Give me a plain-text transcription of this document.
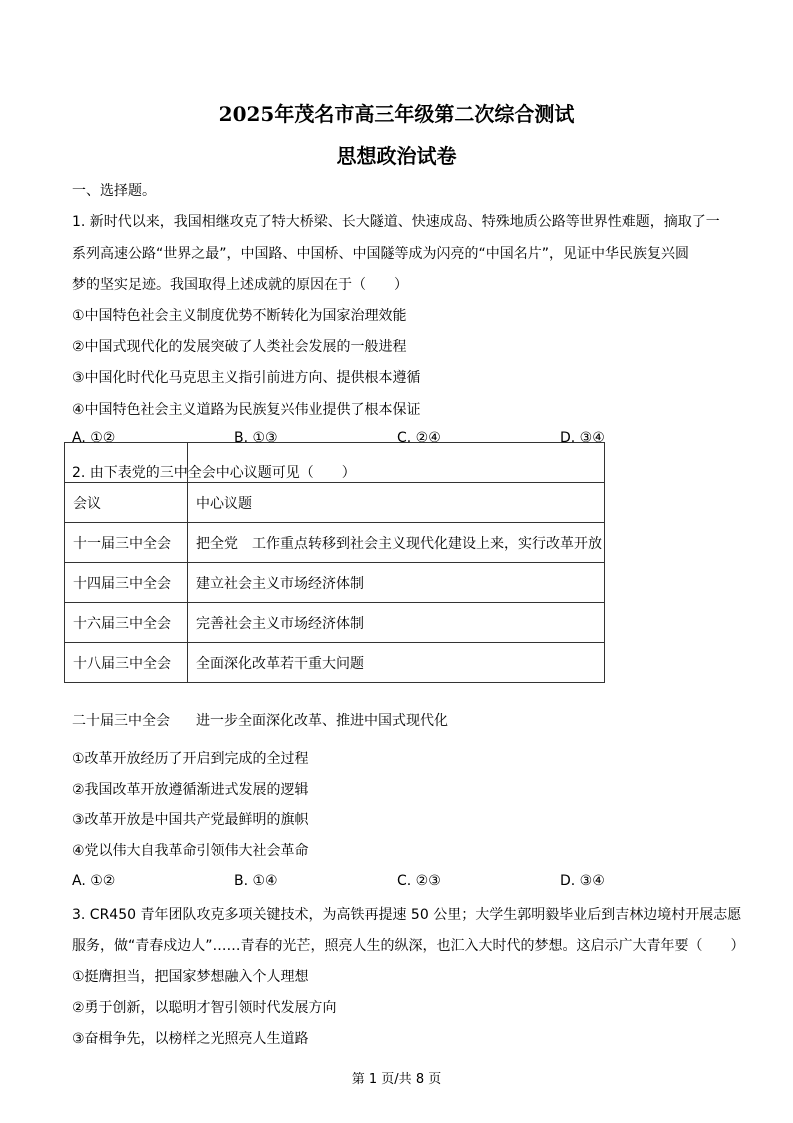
2025年茂名市高三年级第二次综合测试
思想政治试卷
一、选择题。
1. 新时代以来，我国相继攻克了特大桥梁、长大隧道、快速成岛、特殊地质公路等世界性难题，摘取了一
系列高速公路“世界之最”，中国路、中国桥、中国隧等成为闪亮的“中国名片”，见证中华民族复兴圆
梦的坚实足迹。我国取得上述成就的原因在于（　　）
①中国特色社会主义制度优势不断转化为国家治理效能
②中国式现代化的发展突破了人类社会发展的一般进程
③中国化时代化马克思主义指引前进方向、提供根本遵循
④中国特色社会主义道路为民族复兴伟业提供了根本保证
A. ①②	B. ①③	C. ②④	D. ③④

会议	中心议题
十一届三中全会	把全党　工作重点转移到社会主义现代化建设上来，实行改革开放
十四届三中全会	建立社会主义市场经济体制
十六届三中全会	完善社会主义市场经济体制
十八届三中全会	全面深化改革若干重大问题
2. 由下表党的三中全会中心议题可见（　　）
二十届三中全会 进一步全面深化改革、推进中国式现代化
①改革开放经历了开启到完成的全过程
②我国改革开放遵循渐进式发展的逻辑
③改革开放是中国共产党最鲜明的旗帜
④党以伟大自我革命引领伟大社会革命
A. ①②	B. ①④	C. ②③	D. ③④
3. CR450 青年团队攻克多项关键技术，为高铁再提速 50 公里；大学生郭明毅毕业后到吉林边境村开展志愿
服务，做“青春戍边人”……青春的光芒，照亮人生的纵深，也汇入大时代的梦想。这启示广大青年要（　　）
①挺膺担当，把国家梦想融入个人理想
②勇于创新，以聪明才智引领时代发展方向
③奋楫争先，以榜样之光照亮人生道路
第 1 页/共 8 页
